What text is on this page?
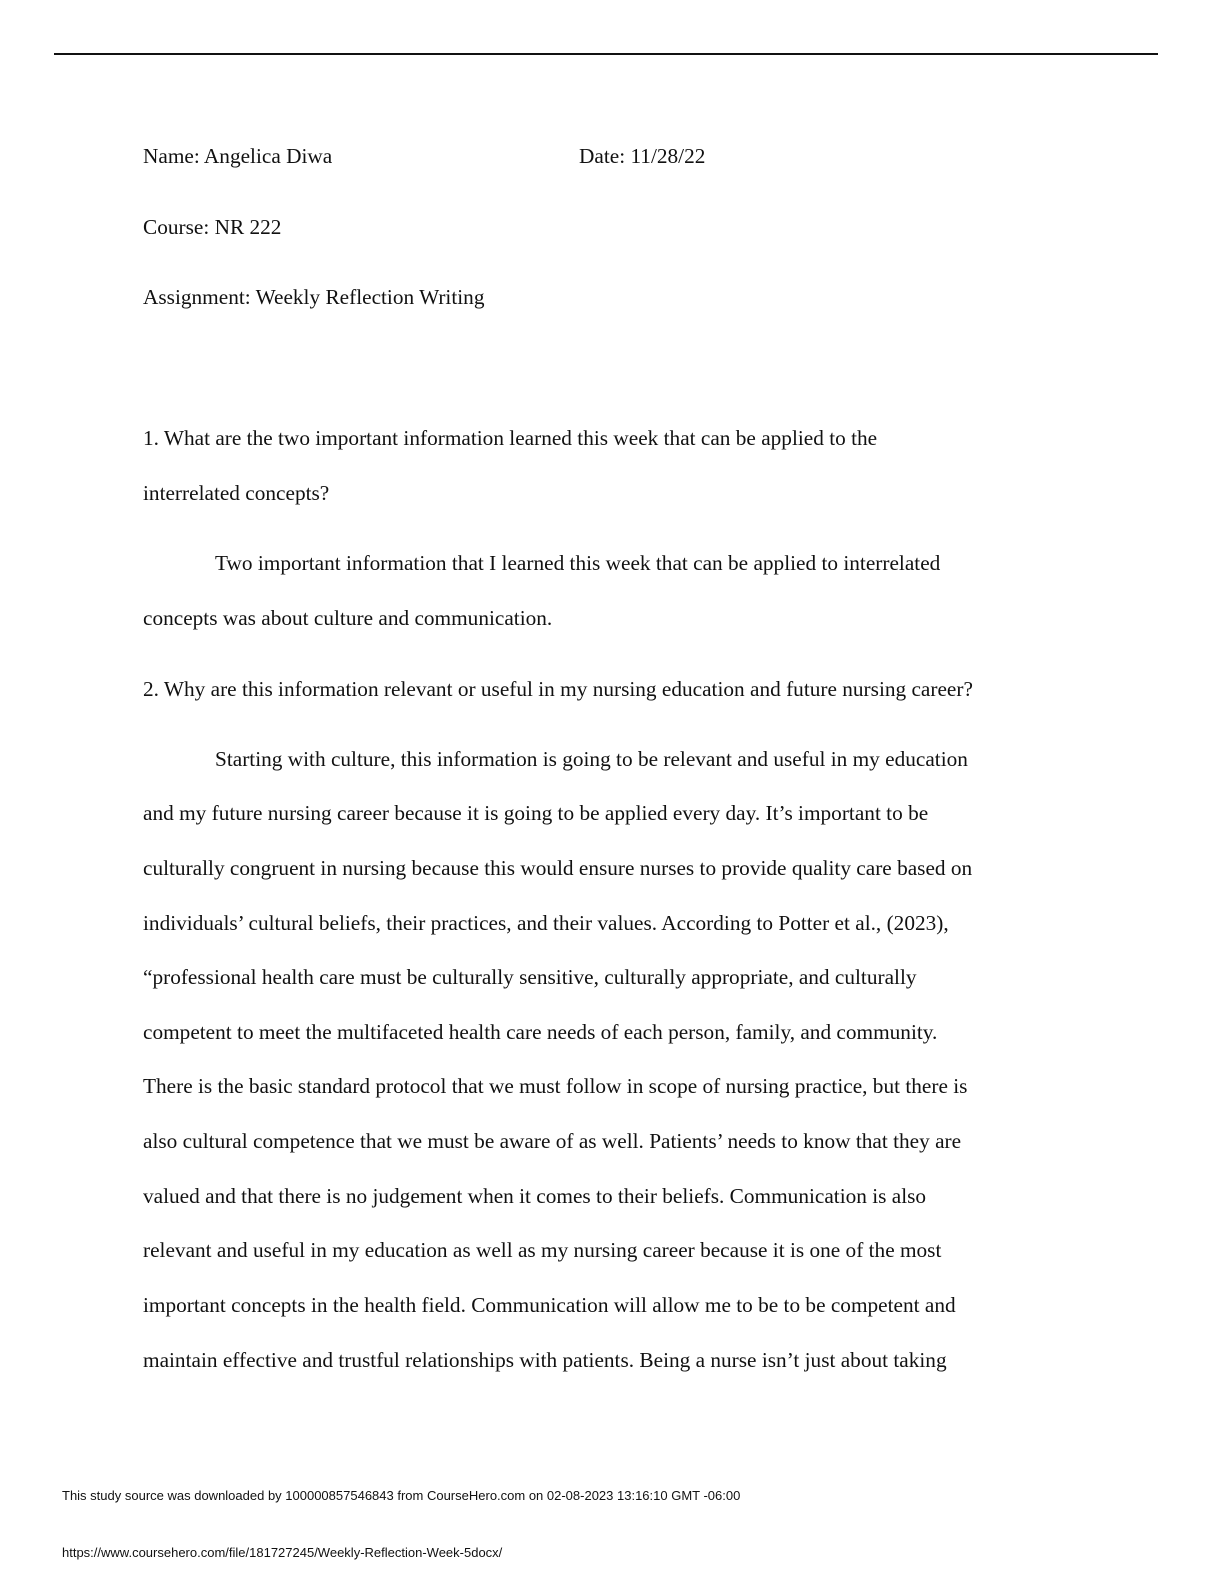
Name: Angelica Diwa	Date: 11/28/22
Course: NR 222
Assignment: Weekly Reflection Writing
1. What are the two important information learned this week that can be applied to the
interrelated concepts?
Two important information that I learned this week that can be applied to interrelated
concepts was about culture and communication.
2. Why are this information relevant or useful in my nursing education and future nursing career?
Starting with culture, this information is going to be relevant and useful in my education
and my future nursing career because it is going to be applied every day. It’s important to be
culturally congruent in nursing because this would ensure nurses to provide quality care based on
individuals’ cultural beliefs, their practices, and their values. According to Potter et al., (2023),
“professional health care must be culturally sensitive, culturally appropriate, and culturally
competent to meet the multifaceted health care needs of each person, family, and community.
There is the basic standard protocol that we must follow in scope of nursing practice, but there is
also cultural competence that we must be aware of as well. Patients’ needs to know that they are
valued and that there is no judgement when it comes to their beliefs. Communication is also
relevant and useful in my education as well as my nursing career because it is one of the most
important concepts in the health field. Communication will allow me to be to be competent and
maintain effective and trustful relationships with patients. Being a nurse isn’t just about taking
This study source was downloaded by 100000857546843 from CourseHero.com on 02-08-2023 13:16:10 GMT -06:00
https://www.coursehero.com/file/181727245/Weekly-Reflection-Week-5docx/
